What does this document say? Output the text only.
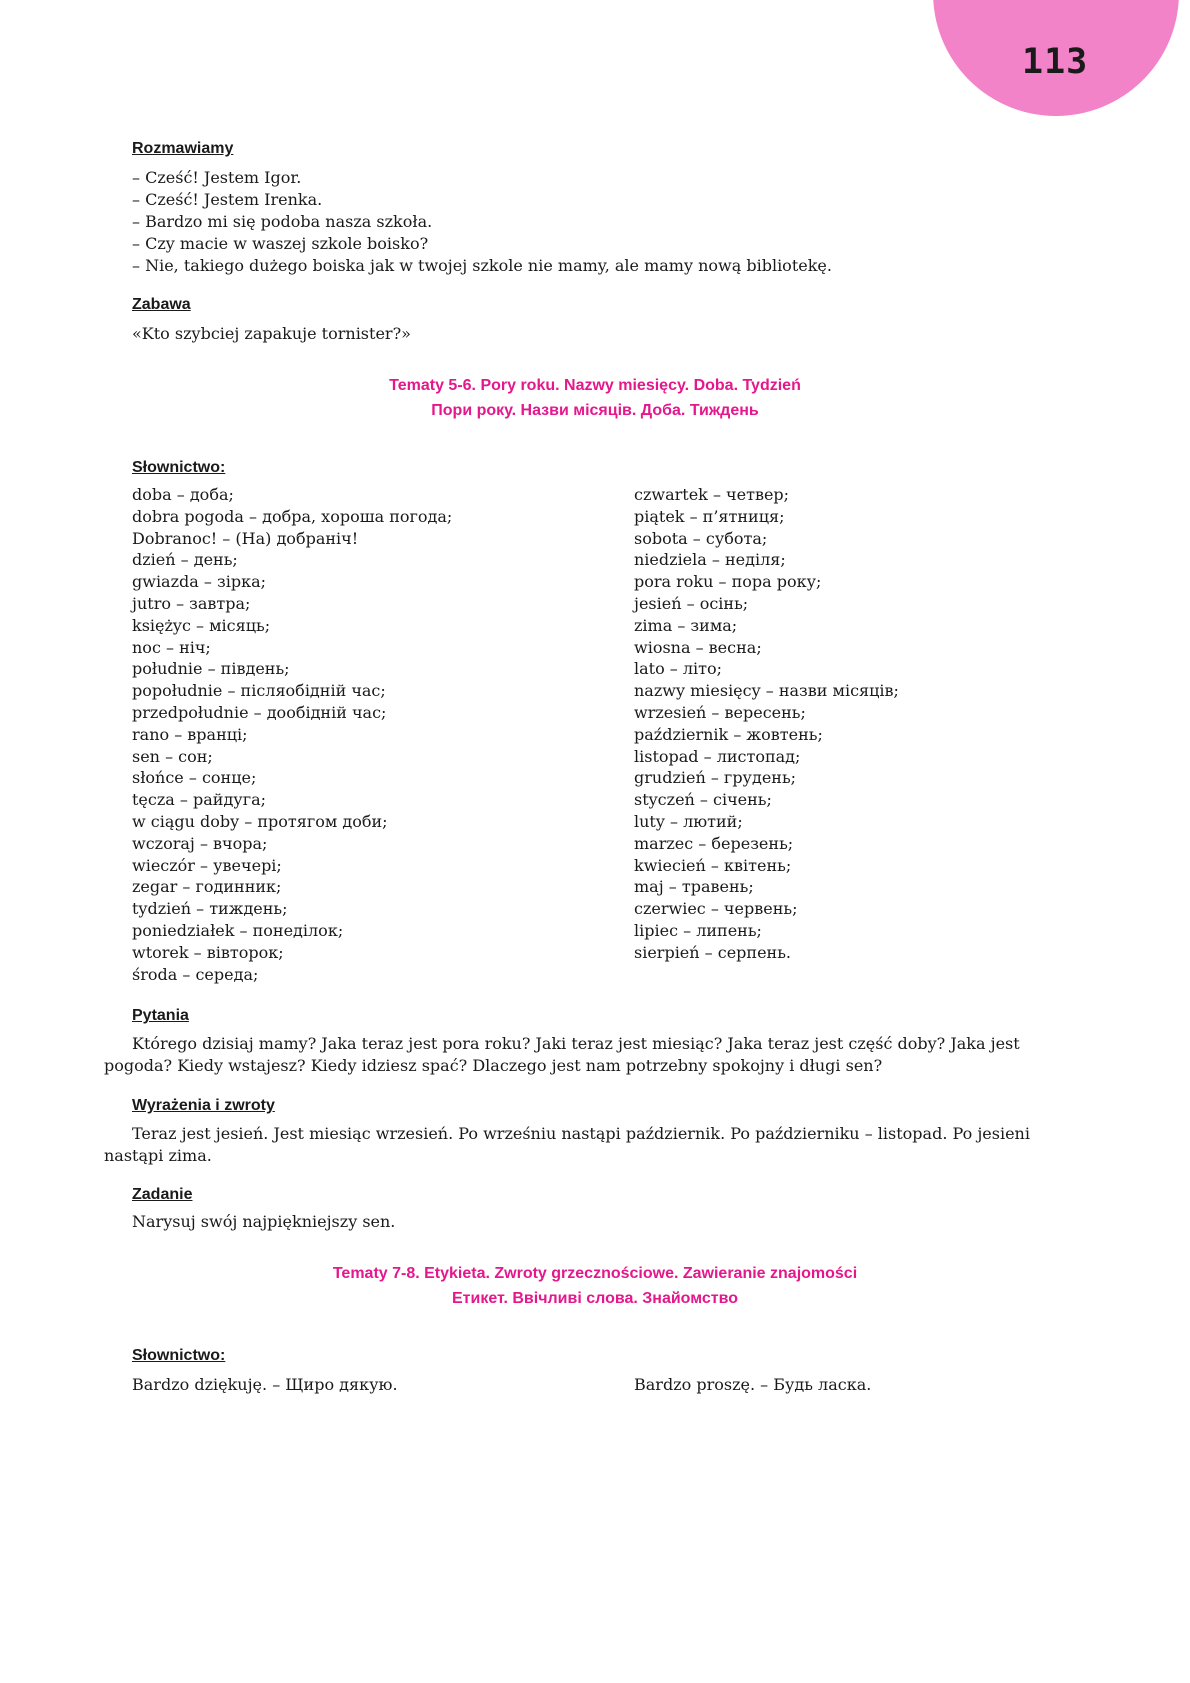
113
Rozmawiamy
– Cześć! Jestem Igor.
– Cześć! Jestem Irenka.
– Bardzo mi się podoba nasza szkoła.
– Czy macie w waszej szkole boisko?
– Nie, takiego dużego boiska jak w twojej szkole nie mamy, ale mamy nową bibliotekę.
Zabawa
«Kto szybciej zapakuje tornister?»
Tematy 5-6. Pory roku. Nazwy miesięcy. Doba. Tydzień
Пори року. Назви місяців. Доба. Тиждень
Słownictwo:
doba – доба;
dobra pogoda – добра, хороша погода;
Dobranoc! – (На) добраніч!
dzień – день;
gwiazda – зірка;
jutro – завтра;
księżyc – місяць;
noc – ніч;
południe – південь;
popołudnie – післяобідній час;
przedpołudnie – дообідній час;
rano – вранці;
sen – сон;
słońce – сонце;
tęcza – райдуга;
w ciągu doby – протягом доби;
wczoraj – вчора;
wieczór – увечері;
zegar – годинник;
tydzień – тиждень;
poniedziałek – понеділок;
wtorek – вівторок;
środa – середа;
czwartek – четвер;
piątek – п’ятниця;
sobota – субота;
niedziela – неділя;
pora roku – пора року;
jesień – осінь;
zima – зима;
wiosna – весна;
lato – літо;
nazwy miesięcy – назви місяців;
wrzesień – вересень;
październik – жовтень;
listopad – листопад;
grudzień – грудень;
styczeń – січень;
luty – лютий;
marzec – березень;
kwiecień – квітень;
maj – травень;
czerwiec – червень;
lipiec – липень;
sierpień – серпень.
Pytania
Którego dzisiaj mamy? Jaka teraz jest pora roku? Jaki teraz jest miesiąc? Jaka teraz jest część doby? Jaka jest pogoda? Kiedy wstajesz? Kiedy idziesz spać? Dlaczego jest nam potrzebny spokojny i długi sen?
Wyrażenia i zwroty
Teraz jest jesień. Jest miesiąc wrzesień. Po wrześniu nastąpi październik. Po październiku – listopad. Po jesieni nastąpi zima.
Zadanie
Narysuj swój najpiękniejszy sen.
Tematy 7-8. Etykieta. Zwroty grzecznościowe. Zawieranie znajomości
Етикет. Ввічливі слова. Знайомство
Słownictwo:
Bardzo dziękuję. – Щиро дякую.	Bardzo proszę. – Будь ласка.
